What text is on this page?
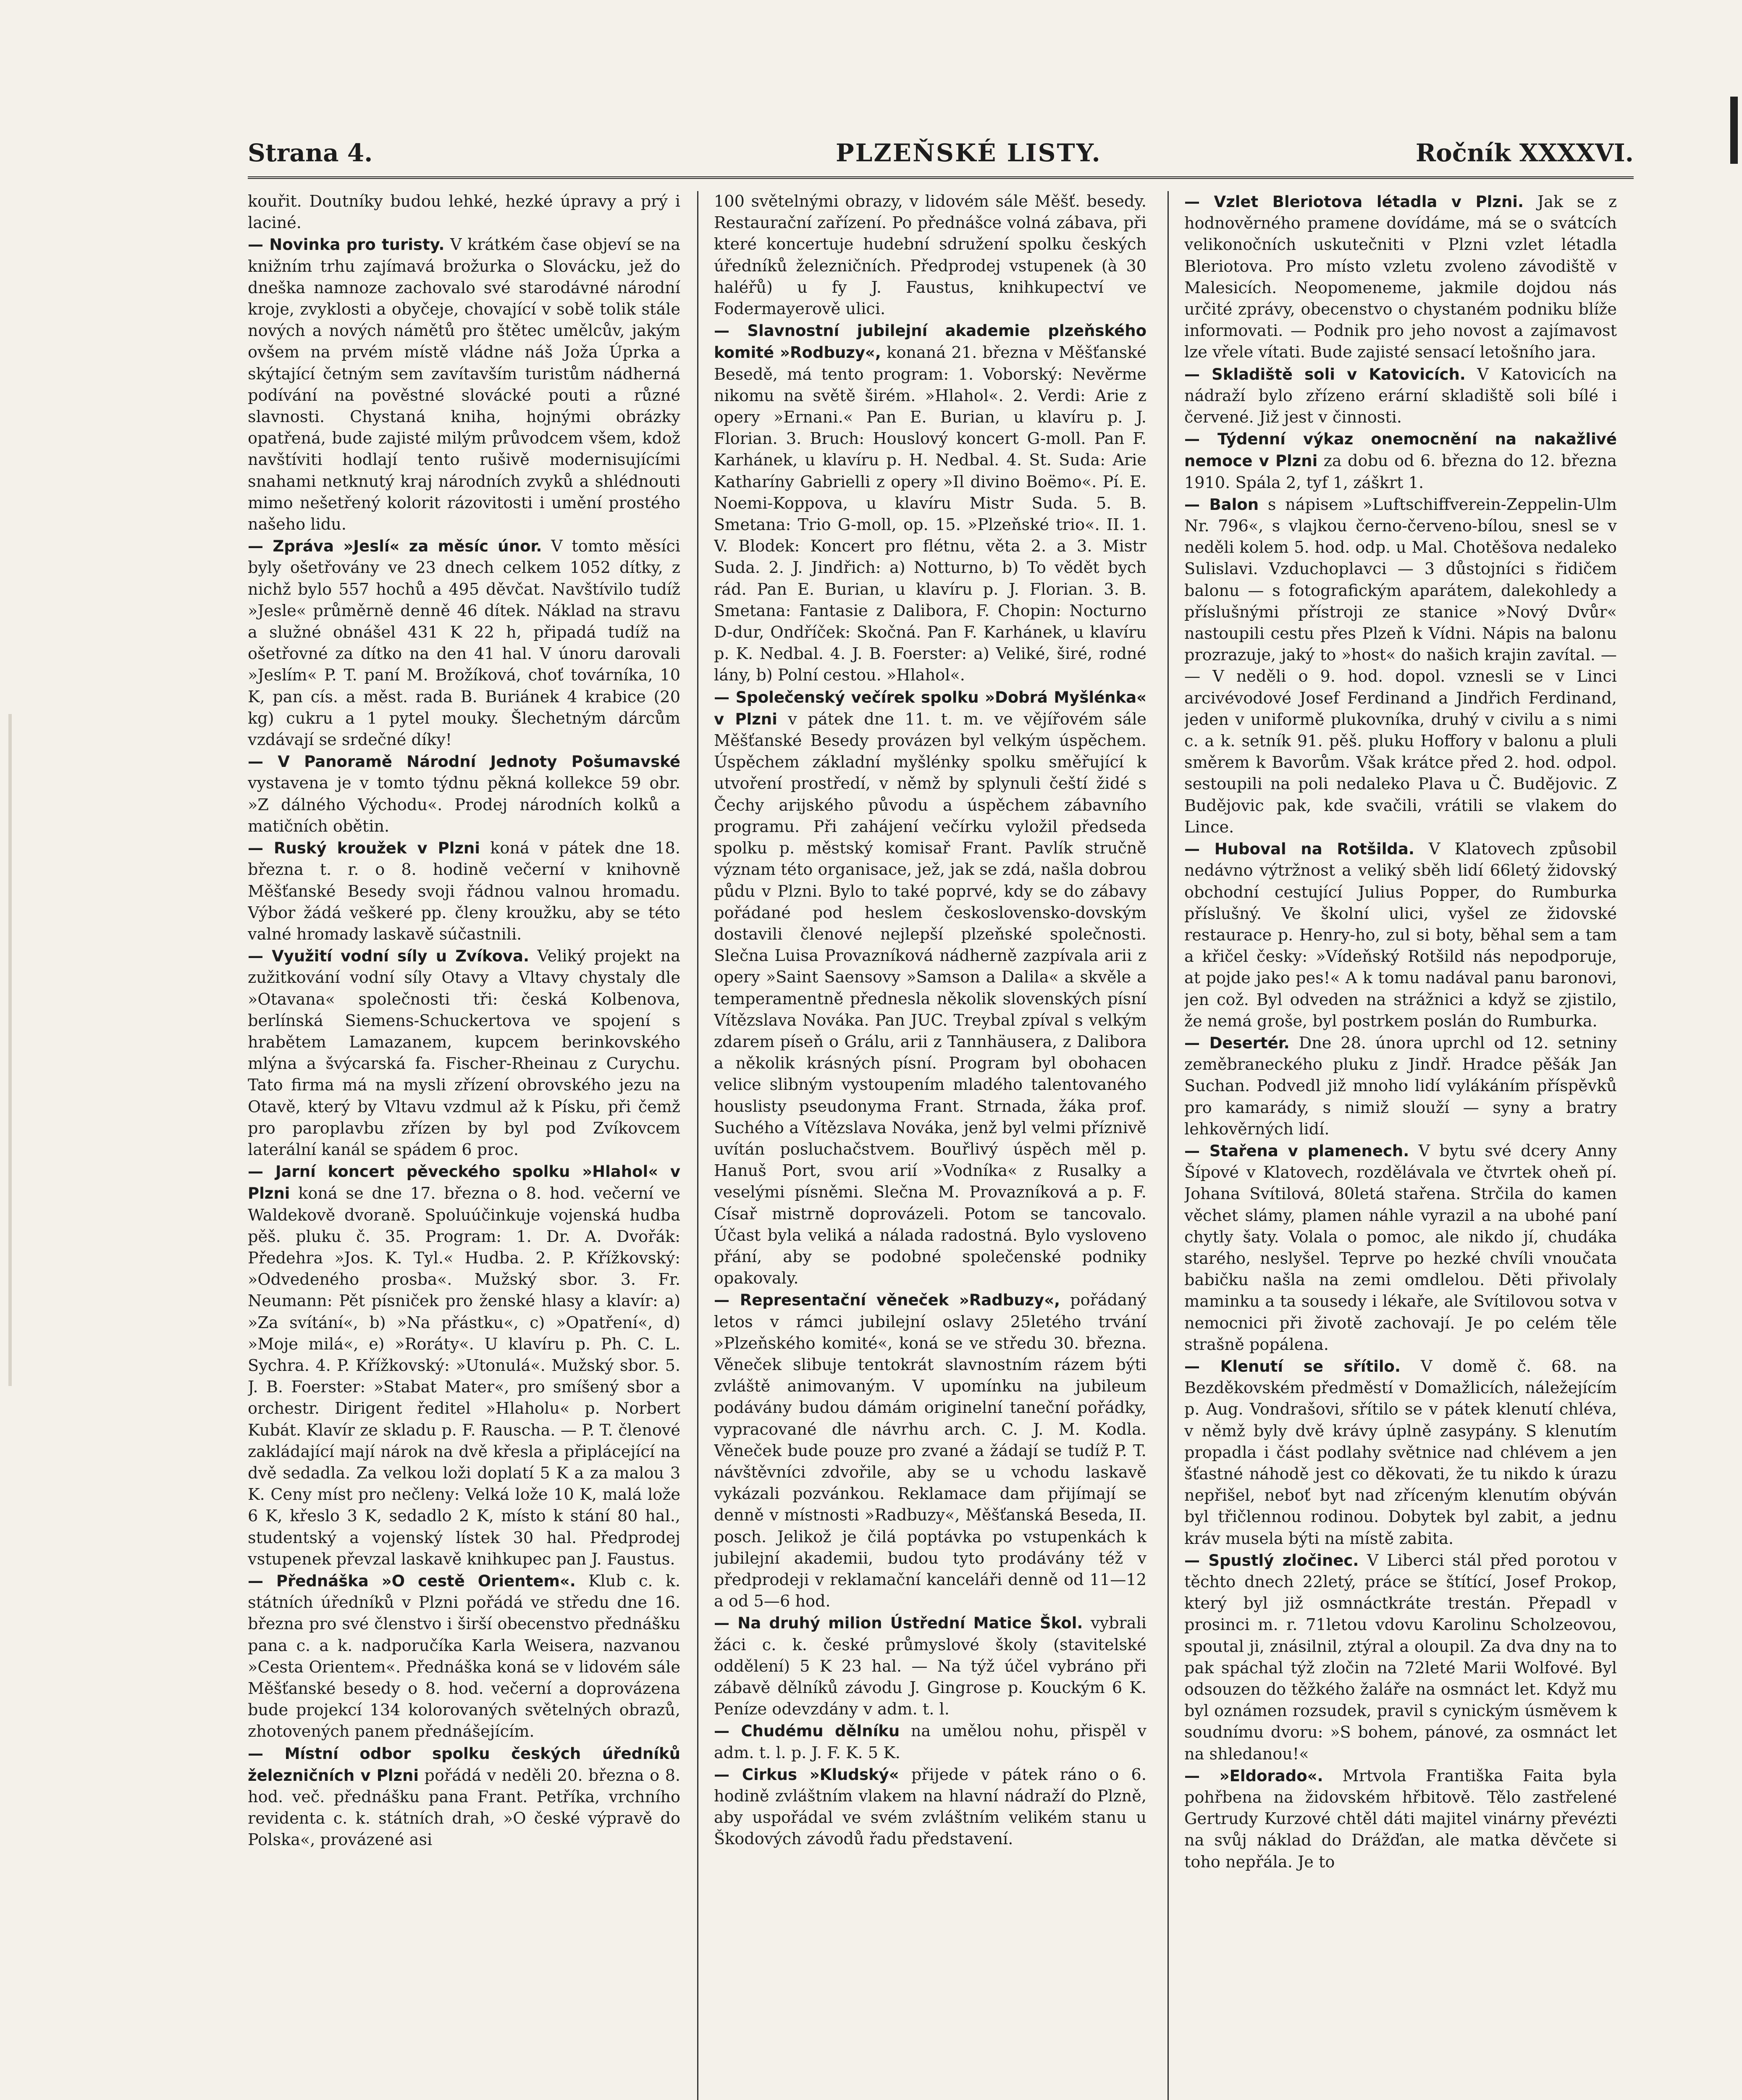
Strana 4.	PLZEŇSKÉ LISTY.	Ročník XXXXVI.

kouřit. Doutníky budou lehké, hezké úpravy a prý i laciné.

— Novinka pro turisty. V krátkém čase objeví se na knižním trhu zajímavá brožurka o Slovácku, jež do dneška namnoze zachovalo své starodávné národní kroje, zvyklosti a obyčeje, chovající v sobě tolik stále nových a nových námětů pro štětec umělcův, jakým ovšem na prvém místě vládne náš Joža Úprka a skýtající četným sem zavítavším turistům nádherná podívání na pověstné slovácké pouti a různé slavnosti. Chystaná kniha, hojnými obrázky opatřená, bude zajisté milým průvodcem všem, kdož navštíviti hodlají tento rušivě modernisujícími snahami netknutý kraj národních zvyků a shlédnouti mimo nešetřený kolorit rázovitosti i umění prostého našeho lidu.

— Zpráva »Jeslí« za měsíc únor. V tomto měsíci byly ošetřovány ve 23 dnech celkem 1052 dítky, z nichž bylo 557 hochů a 495 děvčat. Navštívilo tudíž »Jesle« průměrně denně 46 dítek. Náklad na stravu a služné obnášel 431 K 22 h, připadá tudíž na ošetřovné za dítko na den 41 hal. V únoru darovali »Jeslím« P. T. paní M. Brožíková, choť továrníka, 10 K, pan cís. a měst. rada B. Buriánek 4 krabice (20 kg) cukru a 1 pytel mouky. Šlechetným dárcům vzdávají se srdečné díky!

— V Panoramě Národní Jednoty Pošumavské vystavena je v tomto týdnu pěkná kollekce 59 obr. »Z dálného Východu«. Prodej národních kolků a matičních obětin.

— Ruský kroužek v Plzni koná v pátek dne 18. března t. r. o 8. hodině večerní v knihovně Měšťanské Besedy svoji řádnou valnou hromadu. Výbor žádá veškeré pp. členy kroužku, aby se této valné hromady laskavě súčastnili.

— Využití vodní síly u Zvíkova. Veliký projekt na zužitkování vodní síly Otavy a Vltavy chystaly dle »Otavana« společnosti tři: česká Kolbenova, berlínská Siemens-Schuckertova ve spojení s hrabětem Lamazanem, kupcem berinkovského mlýna a švýcarská fa. Fischer-Rheinau z Curychu. Tato firma má na mysli zřízení obrovského jezu na Otavě, který by Vltavu vzdmul až k Písku, při čemž pro paroplavbu zřízen by byl pod Zvíkovcem laterální kanál se spádem 6 proc.

— Jarní koncert pěveckého spolku »Hlahol« v Plzni koná se dne 17. března o 8. hod. večerní ve Waldekově dvoraně. Spoluúčinkuje vojenská hudba pěš. pluku č. 35. Program: 1. Dr. A. Dvořák: Předehra »Jos. K. Tyl.« Hudba. 2. P. Křížkovský: »Odvedeného prosba«. Mužský sbor. 3. Fr. Neumann: Pět písniček pro ženské hlasy a klavír: a) »Za svítání«, b) »Na přástku«, c) »Opatření«, d) »Moje milá«, e) »Roráty«. U klavíru p. Ph. C. L. Sychra. 4. P. Křížkovský: »Utonulá«. Mužský sbor. 5. J. B. Foerster: »Stabat Mater«, pro smíšený sbor a orchestr. Dirigent ředitel »Hlaholu« p. Norbert Kubát. Klavír ze skladu p. F. Rauscha. — P. T. členové zakládající mají nárok na dvě křesla a připlácející na dvě sedadla. Za velkou loži doplatí 5 K a za malou 3 K. Ceny míst pro nečleny: Velká lože 10 K, malá lože 6 K, křeslo 3 K, sedadlo 2 K, místo k stání 80 hal., studentský a vojenský lístek 30 hal. Předprodej vstupenek převzal laskavě knihkupec pan J. Faustus.

— Přednáška »O cestě Orientem«. Klub c. k. státních úředníků v Plzni pořádá ve středu dne 16. března pro své členstvo i širší obecenstvo přednášku pana c. a k. nadporučíka Karla Weisera, nazvanou »Cesta Orientem«. Přednáška koná se v lidovém sále Měšťanské besedy o 8. hod. večerní a doprovázena bude projekcí 134 kolorovaných světelných obrazů, zhotovených panem přednášejícím.

— Místní odbor spolku českých úředníků železničních v Plzni pořádá v neděli 20. března o 8. hod. več. přednášku pana Frant. Petříka, vrchního revidenta c. k. státních drah, »O české výpravě do Polska«, provázené asi

100 světelnými obrazy, v lidovém sále Měšť. besedy. Restaurační zařízení. Po přednášce volná zábava, při které koncertuje hudební sdružení spolku českých úředníků železničních. Předprodej vstupenek (à 30 haléřů) u fy J. Faustus, knihkupectví ve Fodermayerově ulici.

— Slavnostní jubilejní akademie plzeňského komité »Rodbuzy«, konaná 21. března v Měšťanské Besedě, má tento program: 1. Voborský: Nevěrme nikomu na světě širém. »Hlahol«. 2. Verdi: Arie z opery »Ernani.« Pan E. Burian, u klavíru p. J. Florian. 3. Bruch: Houslový koncert G-moll. Pan F. Karhánek, u klavíru p. H. Nedbal. 4. St. Suda: Arie Katharíny Gabrielli z opery »Il divino Boëmo«. Pí. E. Noemi-Koppova, u klavíru Mistr Suda. 5. B. Smetana: Trio G-moll, op. 15. »Plzeňské trio«. II. 1. V. Blodek: Koncert pro flétnu, věta 2. a 3. Mistr Suda. 2. J. Jindřich: a) Notturno, b) To vědět bych rád. Pan E. Burian, u klavíru p. J. Florian. 3. B. Smetana: Fantasie z Dalibora, F. Chopin: Nocturno D-dur, Ondříček: Skočná. Pan F. Karhánek, u klavíru p. K. Nedbal. 4. J. B. Foerster: a) Veliké, širé, rodné lány, b) Polní cestou. »Hlahol«.

— Společenský večírek spolku »Dobrá Myšlénka« v Plzni v pátek dne 11. t. m. ve vějířovém sále Měšťanské Besedy provázen byl velkým úspěchem. Úspěchem základní myšlénky spolku směřující k utvoření prostředí, v němž by splynuli čeští židé s Čechy arijského původu a úspěchem zábavního programu. Při zahájení večírku vyložil předseda spolku p. městský komisař Frant. Pavlík stručně význam této organisace, jež, jak se zdá, našla dobrou půdu v Plzni. Bylo to také poprvé, kdy se do zábavy pořádané pod heslem československo-dovským dostavili členové nejlepší plzeňské společnosti. Slečna Luisa Provazníková nádherně zazpívala arii z opery »Saint Saensovy »Samson a Dalila« a skvěle a temperamentně přednesla několik slovenských písní Vítězslava Nováka. Pan JUC. Treybal zpíval s velkým zdarem píseň o Grálu, arii z Tannhäusera, z Dalibora a několik krásných písní. Program byl obohacen velice slibným vystoupením mladého talentovaného houslisty pseudonyma Frant. Strnada, žáka prof. Suchého a Vítězslava Nováka, jenž byl velmi příznivě uvítán posluchačstvem. Bouřlivý úspěch měl p. Hanuš Port, svou arií »Vodníka« z Rusalky a veselými písněmi. Slečna M. Provazníková a p. F. Císař mistrně doprovázeli. Potom se tancovalo. Účast byla veliká a nálada radostná. Bylo vysloveno přání, aby se podobné společenské podniky opakovaly.

— Representační věneček »Radbuzy«, pořádaný letos v rámci jubilejní oslavy 25letého trvání »Plzeňského komité«, koná se ve středu 30. března. Věneček slibuje tentokrát slavnostním rázem býti zvláště animovaným. V upomínku na jubileum podávány budou dámám originelní taneční pořádky, vypracované dle návrhu arch. C. J. M. Kodla. Věneček bude pouze pro zvané a žádají se tudíž P. T. návštěvníci zdvořile, aby se u vchodu laskavě vykázali pozvánkou. Reklamace dam přijímají se denně v místnosti »Radbuzy«, Měšťanská Beseda, II. posch. Jelikož je čilá poptávka po vstupenkách k jubilejní akademii, budou tyto prodávány též v předprodeji v reklamační kanceláři denně od 11—12 a od 5—6 hod.

— Na druhý milion Ústřední Matice Škol. vybrali žáci c. k. české průmyslové školy (stavitelské oddělení) 5 K 23 hal. — Na týž účel vybráno při zábavě dělníků závodu J. Gingrose p. Kouckým 6 K. Peníze odevzdány v adm. t. l.

— Chudému dělníku na umělou nohu, přispěl v adm. t. l. p. J. F. K. 5 K.

— Cirkus »Kludský« přijede v pátek ráno o 6. hodině zvláštním vlakem na hlavní nádraží do Plzně, aby uspořádal ve svém zvláštním velikém stanu u Škodových závodů řadu představení.

— Vzlet Bleriotova létadla v Plzni. Jak se z hodnověrného pramene dovídáme, má se o svátcích velikonočních uskutečniti v Plzni vzlet létadla Bleriotova. Pro místo vzletu zvoleno závodiště v Malesicích. Neopomeneme, jakmile dojdou nás určité zprávy, obecenstvo o chystaném podniku blíže informovati. — Podnik pro jeho novost a zajímavost lze vřele vítati. Bude zajisté sensací letošního jara.

— Skladiště soli v Katovicích. V Katovicích na nádraží bylo zřízeno erární skladiště soli bílé i červené. Již jest v činnosti.

— Týdenní výkaz onemocnění na nakažlivé nemoce v Plzni za dobu od 6. března do 12. března 1910. Spála 2, tyf 1, záškrt 1.

— Balon s nápisem »Luftschiffverein-Zeppelin-Ulm Nr. 796«, s vlajkou černo-červeno-bílou, snesl se v neděli kolem 5. hod. odp. u Mal. Chotěšova nedaleko Sulislavi. Vzduchoplavci — 3 důstojníci s řidičem balonu — s fotografickým aparátem, dalekohledy a příslušnými přístroji ze stanice »Nový Dvůr« nastoupili cestu přes Plzeň k Vídni. Nápis na balonu prozrazuje, jaký to »host« do našich krajin zavítal. — — V neděli o 9. hod. dopol. vznesli se v Linci arcivévodové Josef Ferdinand a Jindřich Ferdinand, jeden v uniformě plukovníka, druhý v civilu a s nimi c. a k. setník 91. pěš. pluku Hoffory v balonu a pluli směrem k Bavorům. Však krátce před 2. hod. odpol. sestoupili na poli nedaleko Plava u Č. Budějovic. Z Budějovic pak, kde svačili, vrátili se vlakem do Lince.

— Huboval na Rotšilda. V Klatovech způsobil nedávno výtržnost a veliký sběh lidí 66letý židovský obchodní cestující Julius Popper, do Rumburka příslušný. Ve školní ulici, vyšel ze židovské restaurace p. Henry-ho, zul si boty, běhal sem a tam a křičel česky: »Vídeňský Rotšild nás nepodporuje, at pojde jako pes!« A k tomu nadával panu baronovi, jen což. Byl odveden na strážnici a když se zjistilo, že nemá groše, byl postrkem poslán do Rumburka.

— Desertér. Dne 28. února uprchl od 12. setniny zeměbraneckého pluku z Jindř. Hradce pěšák Jan Suchan. Podvedl již mnoho lidí vylákáním příspěvků pro kamarády, s nimiž slouží — syny a bratry lehkověrných lidí.

— Stařena v plamenech. V bytu své dcery Anny Šípové v Klatovech, rozdělávala ve čtvrtek oheň pí. Johana Svítilová, 80letá stařena. Strčila do kamen věchet slámy, plamen náhle vyrazil a na ubohé paní chytly šaty. Volala o pomoc, ale nikdo jí, chudáka starého, neslyšel. Teprve po hezké chvíli vnoučata babičku našla na zemi omdlelou. Děti přivolaly maminku a ta sousedy i lékaře, ale Svítilovou sotva v nemocnici při životě zachovají. Je po celém těle strašně popálena.

— Klenutí se sřítilo. V domě č. 68. na Bezděkovském předměstí v Domažlicích, náležejícím p. Aug. Vondrašovi, sřítilo se v pátek klenutí chléva, v němž byly dvě krávy úplně zasypány. S klenutím propadla i část podlahy světnice nad chlévem a jen šťastné náhodě jest co děkovati, že tu nikdo k úrazu nepřišel, neboť byt nad zříceným klenutím obýván byl třičlennou rodinou. Dobytek byl zabit, a jednu kráv musela býti na místě zabita.

— Spustlý zločinec. V Liberci stál před porotou v těchto dnech 22letý, práce se štítící, Josef Prokop, který byl již osmnáctkráte trestán. Přepadl v prosinci m. r. 71letou vdovu Karolinu Scholzeovou, spoutal ji, znásilnil, ztýral a oloupil. Za dva dny na to pak spáchal týž zločin na 72leté Marii Wolfové. Byl odsouzen do těžkého žaláře na osmnáct let. Když mu byl oznámen rozsudek, pravil s cynickým úsměvem k soudnímu dvoru: »S bohem, pánové, za osmnáct let na shledanou!«

— »Eldorado«. Mrtvola Františka Faita byla pohřbena na židovském hřbitově. Tělo zastřelené Gertrudy Kurzové chtěl dáti majitel vinárny převézti na svůj náklad do Drážďan, ale matka děvčete si toho nepřála. Je to
